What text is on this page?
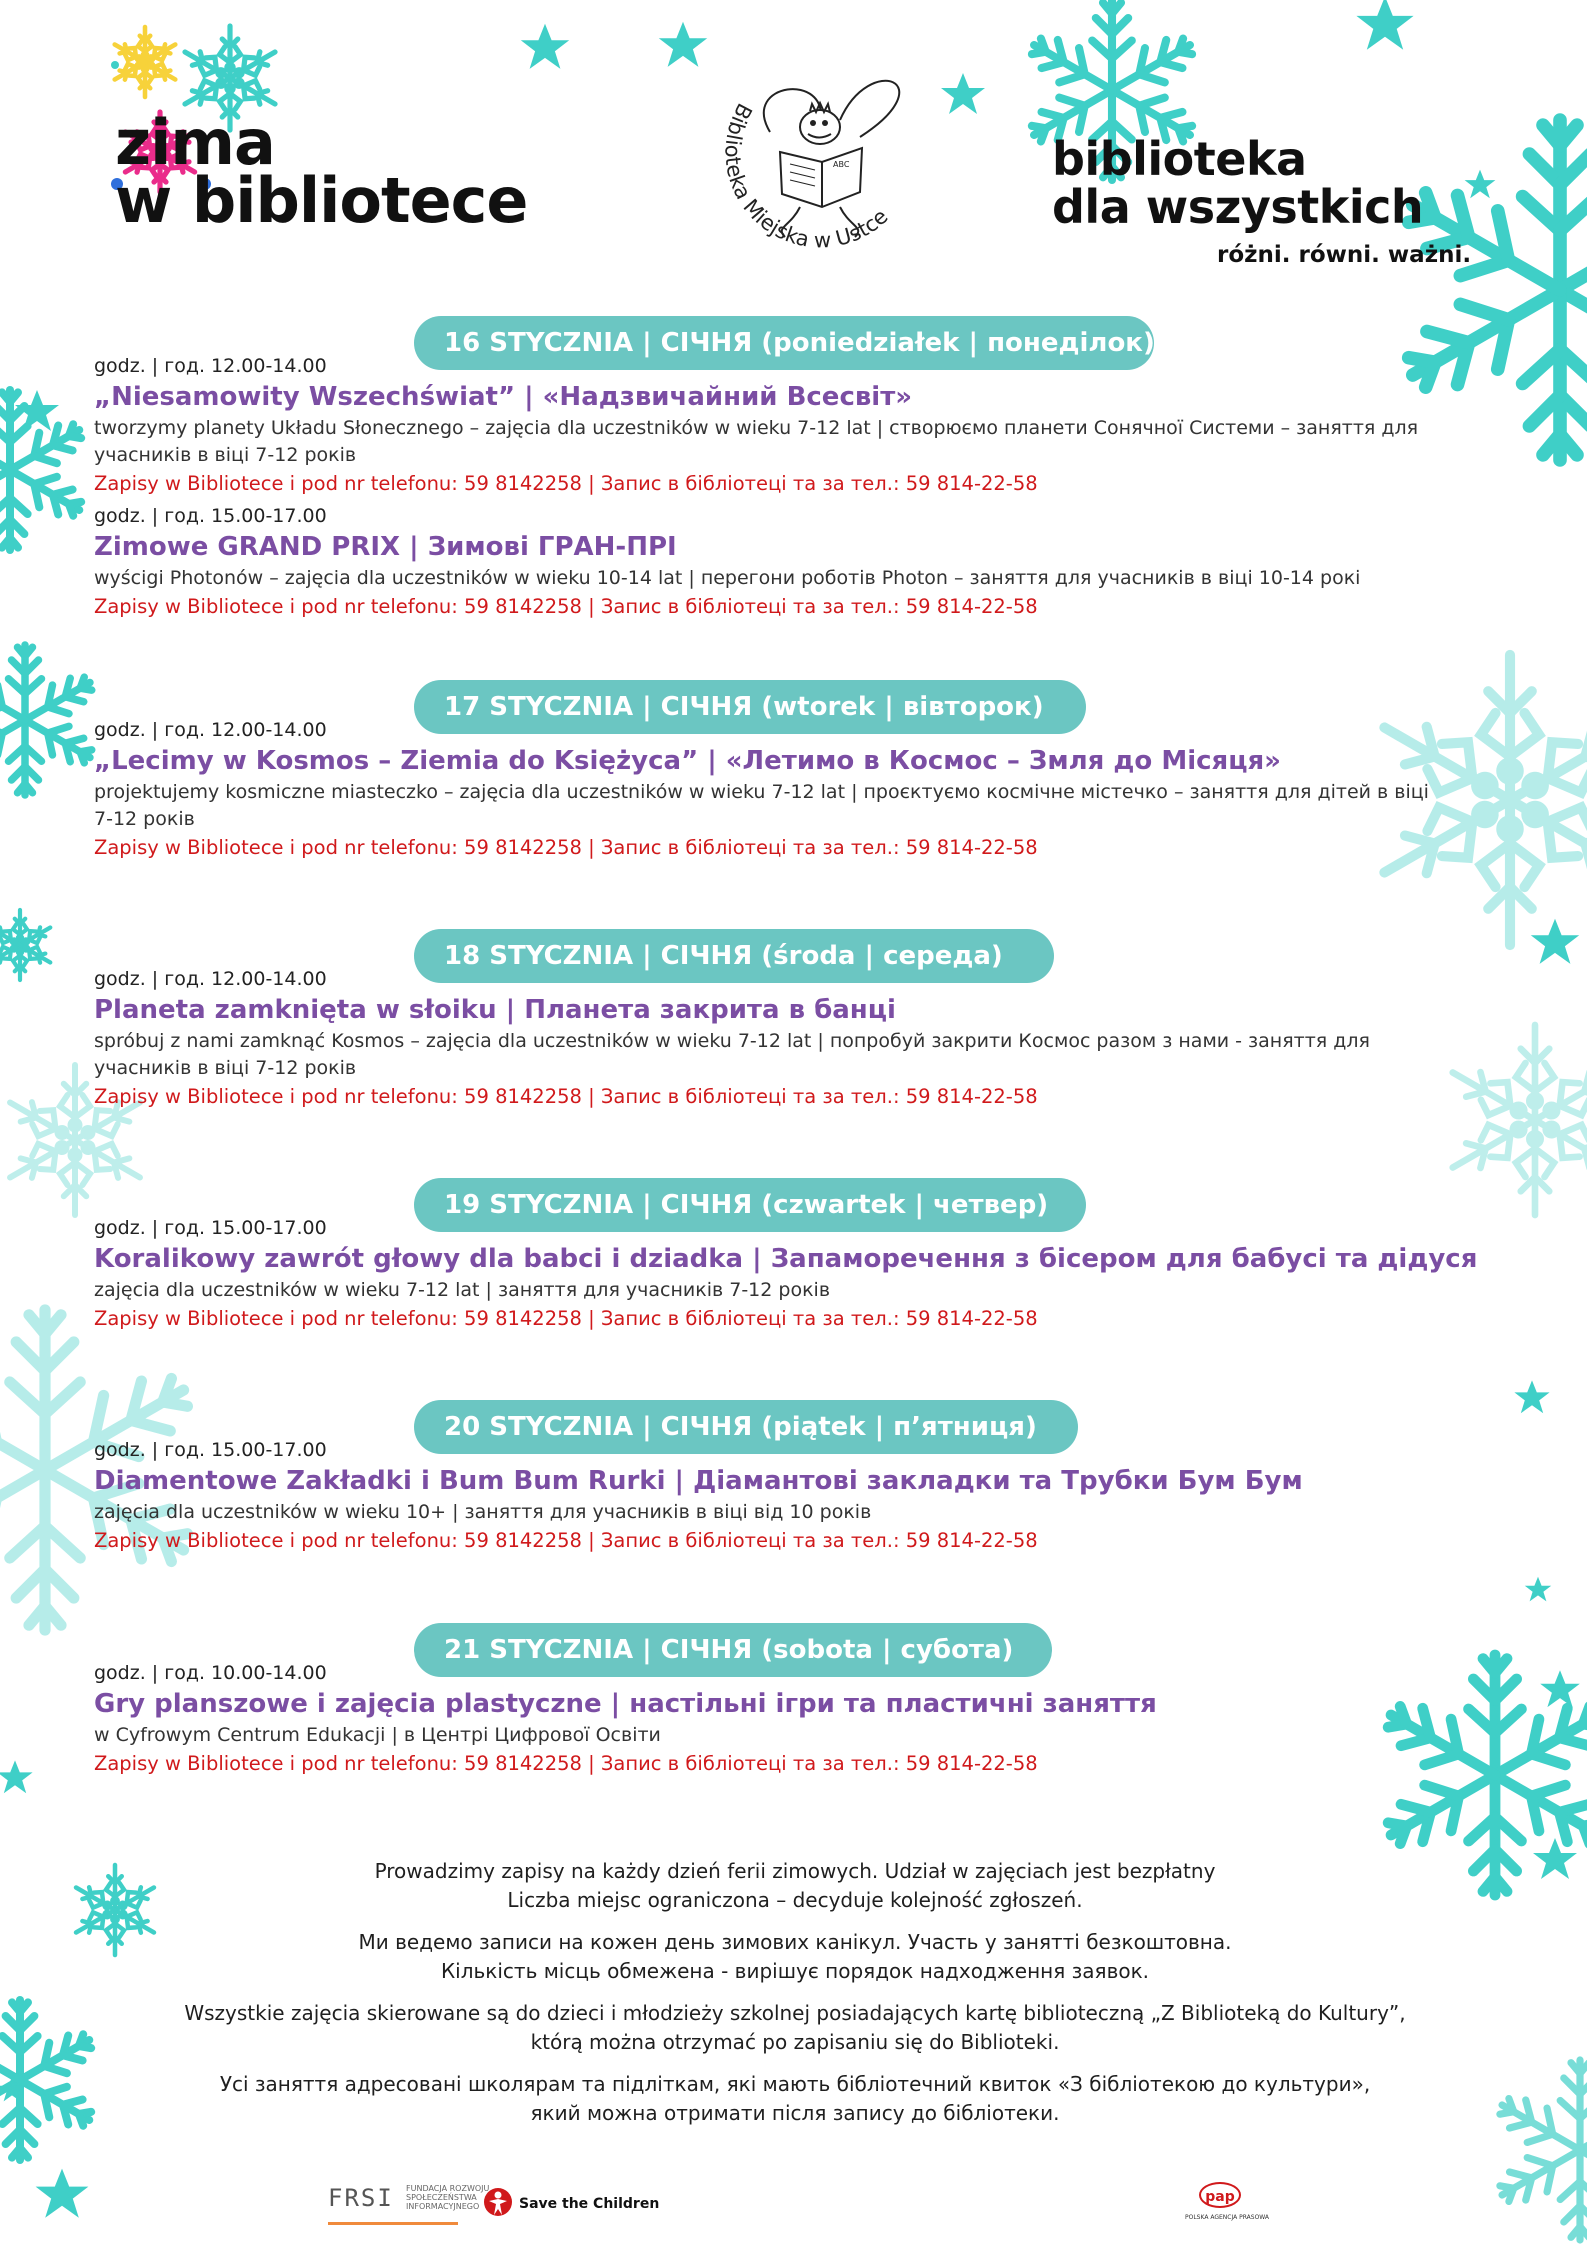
zima
w bibliotece	ABC
Biblioteka Miejska w Ustce
biblioteka
dla wszystkich
różni. równi. ważni.
16 STYCZNIA | СІЧНЯ (poniedziałek | понеділок)
godz. | год. 12.00-14.00
„Niesamowity Wszechświat” | «Надзвичайний Всесвіт»
tworzymy planety Układu Słonecznego – zajęcia dla uczestników w wieku 7-12 lat | створюємо планети Сонячної Системи – заняття для учасників в віці 7-12 років
Zapisy w Bibliotece i pod nr telefonu: 59 8142258 | Запис в бібліотеці та за тел.: 59 814-22-58
godz. | год. 15.00-17.00
Zimowe GRAND PRIX | Зимові ГРАН-ПРІ
wyścigi Photonów – zajęcia dla uczestników w wieku 10-14 lat | перегони роботів Photon – заняття для учасників в віці 10-14 рокі
Zapisy w Bibliotece i pod nr telefonu: 59 8142258 | Запис в бібліотеці та за тел.: 59 814-22-58
17 STYCZNIA | СІЧНЯ (wtorek | вівторок)
godz. | год. 12.00-14.00
„Lecimy w Kosmos – Ziemia do Księżyca” | «Летимо в Космос – Змля до Місяця»
projektujemy kosmiczne miasteczko – zajęcia dla uczestników w wieku 7-12 lat | проєктуємо космічне містечко – заняття для дітей в віці 7-12 років
Zapisy w Bibliotece i pod nr telefonu: 59 8142258 | Запис в бібліотеці та за тел.: 59 814-22-58
18 STYCZNIA | СІЧНЯ (środa | середа)
godz. | год. 12.00-14.00
Planeta zamknięta w słoiku | Планета закрита в банці
spróbuj z nami zamknąć Kosmos – zajęcia dla uczestników w wieku 7-12 lat | попробуй закрити Космос разом з нами - заняття для учасників в віці 7-12 років
Zapisy w Bibliotece i pod nr telefonu: 59 8142258 | Запис в бібліотеці та за тел.: 59 814-22-58
19 STYCZNIA | СІЧНЯ (czwartek | четвер)
godz. | год. 15.00-17.00
Koralikowy zawrót głowy dla babci i dziadka | Запаморечення з бісером для бабусі та дідуся
zajęcia dla uczestników w wieku 7-12 lat | заняття для учасників 7-12 років
Zapisy w Bibliotece i pod nr telefonu: 59 8142258 | Запис в бібліотеці та за тел.: 59 814-22-58
20 STYCZNIA | СІЧНЯ (piątek | п’ятниця)
godz. | год. 15.00-17.00
Diamentowe Zakładki i Bum Bum Rurki | Діамантові закладки та Трубки Бум Бум
zajęcia dla uczestników w wieku 10+ | заняття для учасників в віці від 10 років
Zapisy w Bibliotece i pod nr telefonu: 59 8142258 | Запис в бібліотеці та за тел.: 59 814-22-58
21 STYCZNIA | СІЧНЯ (sobota | субота)
godz. | год. 10.00-14.00
Gry planszowe i zajęcia plastyczne | настільні ігри та пластичні заняття
w Cyfrowym Centrum Edukacji | в Центрі Цифрової Освіти
Zapisy w Bibliotece i pod nr telefonu: 59 8142258 | Запис в бібліотеці та за тел.: 59 814-22-58

Prowadzimy zapisy na każdy dzień ferii zimowych. Udział w zajęciach jest bezpłatny
Liczba miejsc ograniczona – decyduje kolejność zgłoszeń.

Ми ведемо записи на кожен день зимових канікул. Участь у занятті безкоштовна.
Кількість місць обмежена - вирішує порядок надходження заявок.

Wszystkie zajęcia skierowane są do dzieci i młodzieży szkolnej posiadających kartę biblioteczną „Z Biblioteką do Kultury”,
którą można otrzymać po zapisaniu się do Biblioteki.

Усі заняття адресовані школярам та підліткам, які мають бібліотечний квиток «З бібліотекою до культури»,
який можна отримати після запису до бібліотеки.

FRSI FUNDACJA ROZWOJU SPOŁECZEŃSTWA INFORMACYJNEGO	Save the Children	pap
POLSKA AGENCJA PRASOWA
